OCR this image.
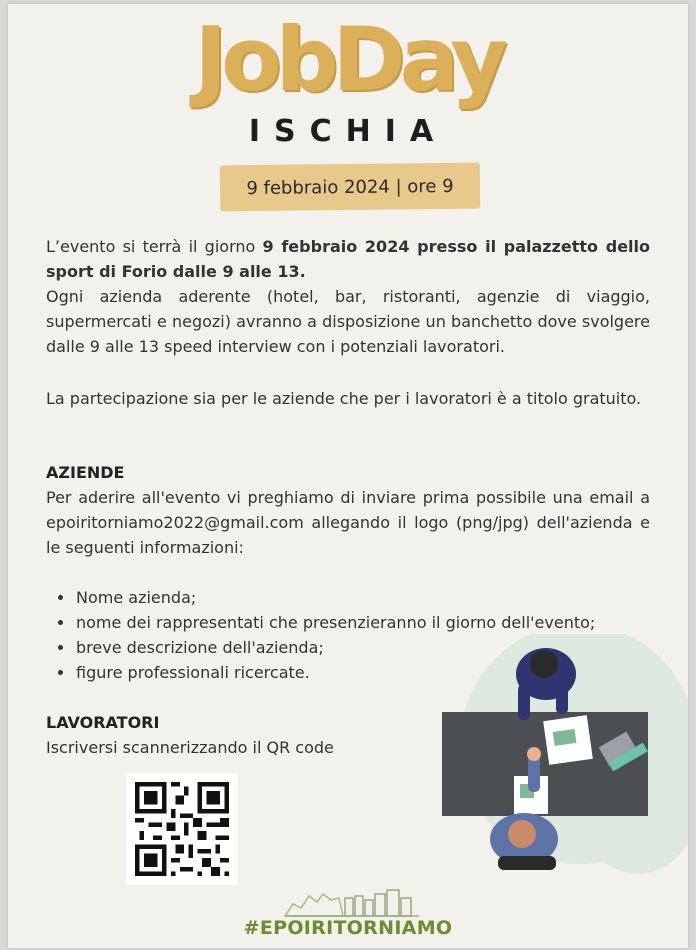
JobDay
ISCHIA
9 febbraio 2024 | ore 9
L’evento si terrà il giorno 9 febbraio 2024 presso il palazzetto dello sport di Forio dalle 9 alle 13.
Ogni azienda aderente (hotel, bar, ristoranti, agenzie di viaggio, supermercati e negozi) avranno a disposizione un banchetto dove svolgere dalle 9 alle 13 speed interview con i potenziali lavoratori.
La partecipazione sia per le aziende che per i lavoratori è a titolo gratuito.
AZIENDE
Per aderire all'evento vi preghiamo di inviare prima possibile una email a epoiritorniamo2022@gmail.com allegando il logo (png/jpg) dell'azienda e le seguenti informazioni:
Nome azienda;
nome dei rappresentati che presenzieranno il giorno dell'evento;
breve descrizione dell'azienda;
figure professionali ricercate.
LAVORATORI
Iscriversi scannerizzando il QR code
#EPOIRITORNIAMO
